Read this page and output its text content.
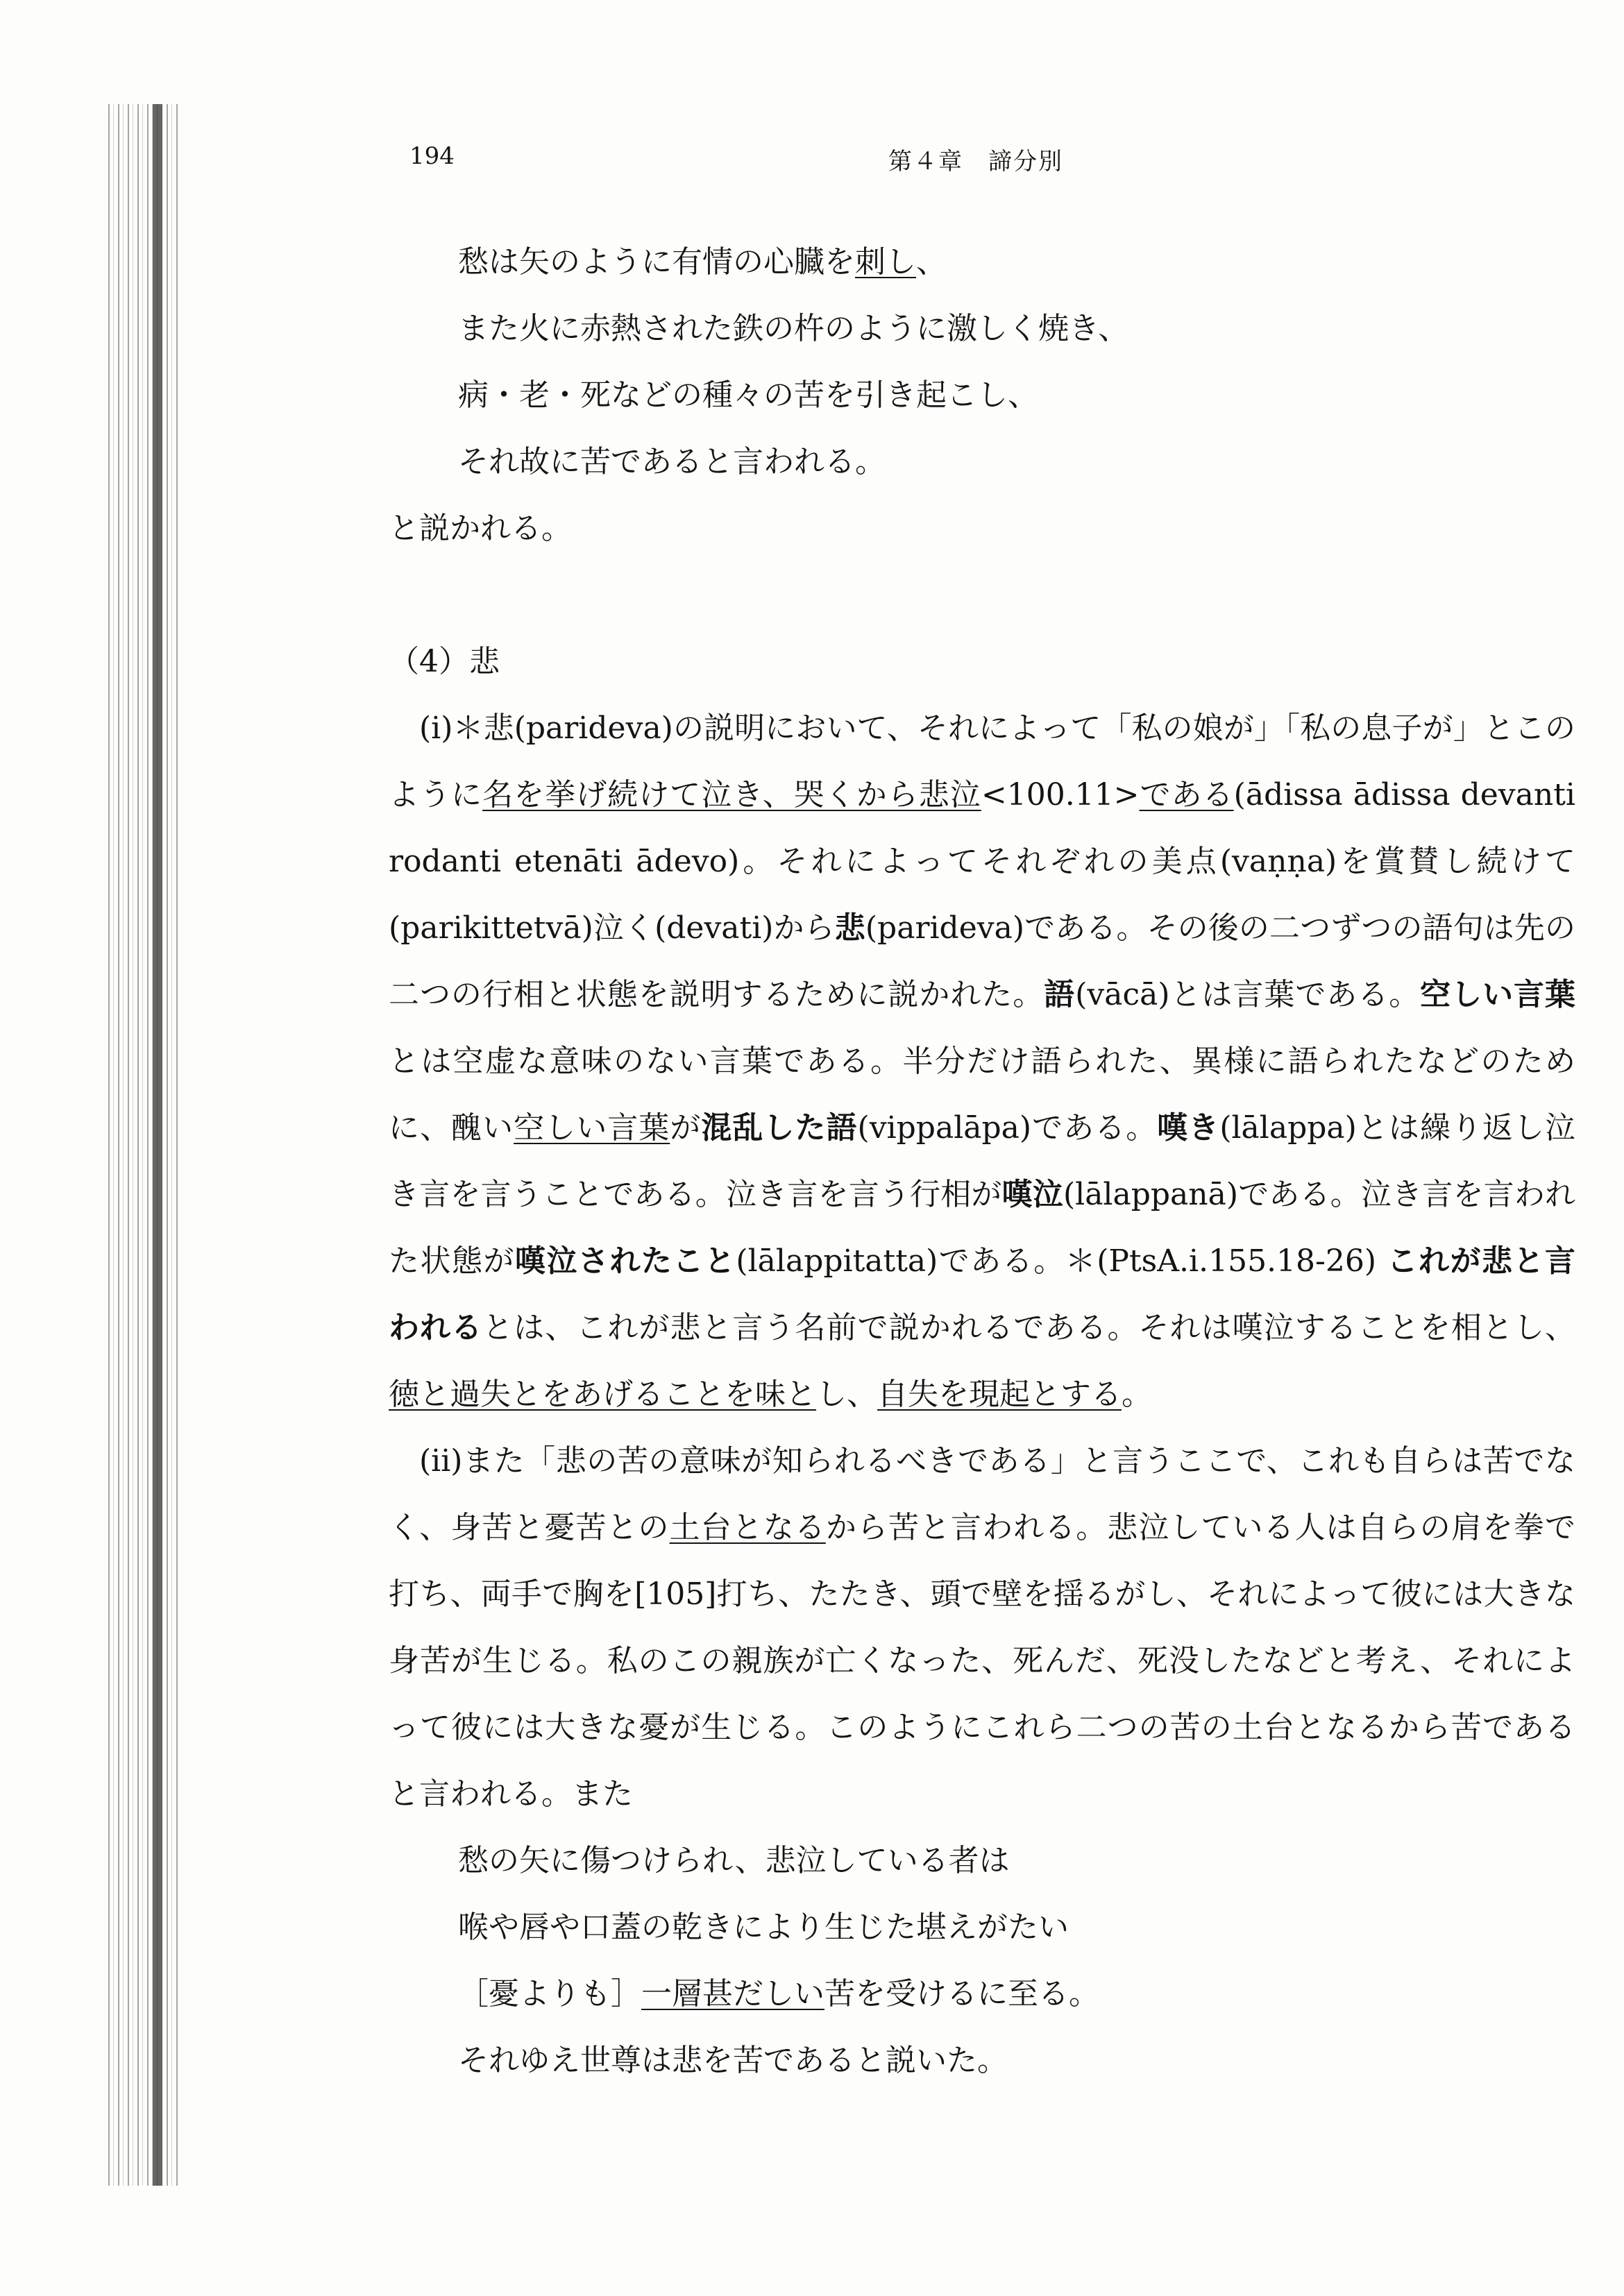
194	第４章　諦分別

愁は矢のように有情の心臓を刺し、

また火に赤熱された鉄の杵のように激しく焼き、

病・老・死などの種々の苦を引き起こし、

それ故に苦であると言われる。

と説かれる。

（4）悲

(i)＊悲(parideva)の説明において、それによって「私の娘が」「私の息子が」とこのように名を挙げ続けて泣き、哭くから悲泣<100.11>である(ādissa ādissa devanti rodanti etenāti ādevo)。それによってそれぞれの美点(vaṇṇa)を賞賛し続けて(parikittetvā)泣く(devati)から悲(parideva)である。その後の二つずつの語句は先の二つの行相と状態を説明するために説かれた。語(vācā)とは言葉である。空しい言葉とは空虚な意味のない言葉である。半分だけ語られた、異様に語られたなどのために、醜い空しい言葉が混乱した語(vippalāpa)である。嘆き(lālappa)とは繰り返し泣き言を言うことである。泣き言を言う行相が嘆泣(lālappanā)である。泣き言を言われた状態が嘆泣されたこと(lālappitatta)である。＊(PtsA.i.155.18-26) これが悲と言われるとは、これが悲と言う名前で説かれるである。それは嘆泣することを相とし、徳と過失とをあげることを味とし、自失を現起とする。

(ii)また「悲の苦の意味が知られるべきである」と言うここで、これも自らは苦でなく、身苦と憂苦との土台となるから苦と言われる。悲泣している人は自らの肩を拳で打ち、両手で胸を[105]打ち、たたき、頭で壁を揺るがし、それによって彼には大きな身苦が生じる。私のこの親族が亡くなった、死んだ、死没したなどと考え、それによって彼には大きな憂が生じる。このようにこれら二つの苦の土台となるから苦であると言われる。また

愁の矢に傷つけられ、悲泣している者は

喉や唇や口蓋の乾きにより生じた堪えがたい

［憂よりも］一層甚だしい苦を受けるに至る。

それゆえ世尊は悲を苦であると説いた。
